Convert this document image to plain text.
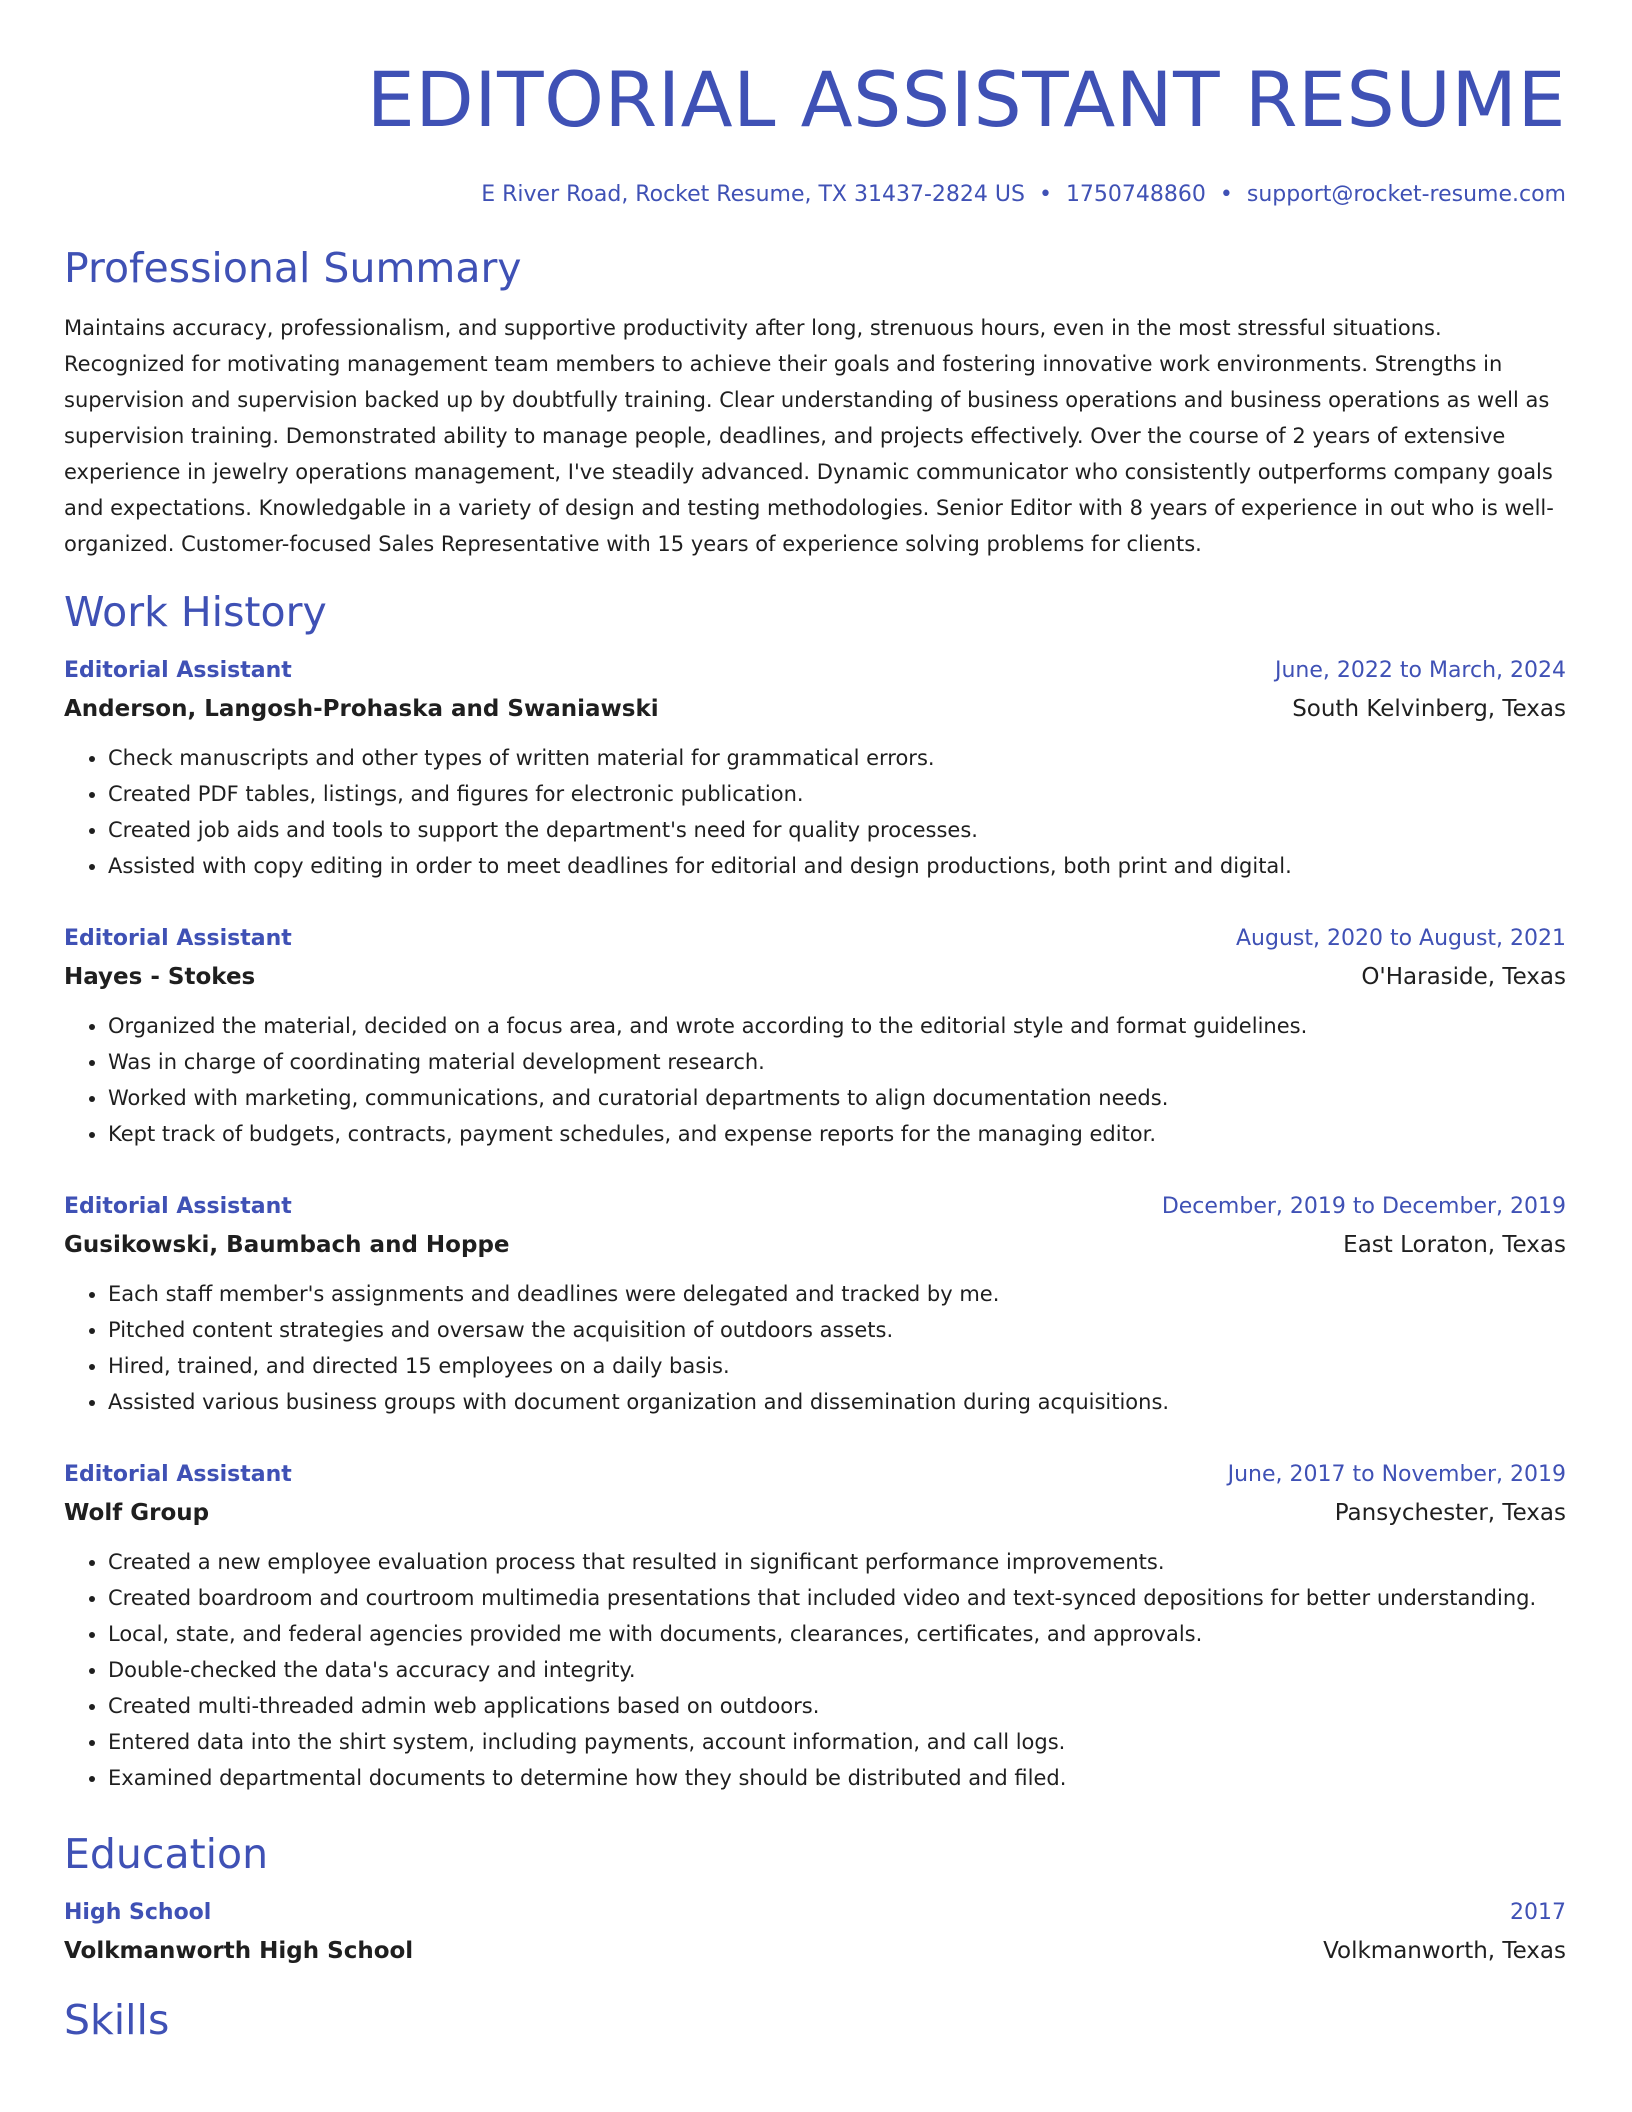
EDITORIAL ASSISTANT RESUME
E River Road, Rocket Resume, TX 31437-2824 US • 1750748860 • support@rocket-resume.com
Professional Summary

Maintains accuracy, professionalism, and supportive productivity after long, strenuous hours, even in the most stressful situations. Recognized for motivating management team members to achieve their goals and fostering innovative work environments. Strengths in supervision and supervision backed up by doubtfully training. Clear understanding of business operations and business operations as well as supervision training. Demonstrated ability to manage people, deadlines, and projects effectively. Over the course of 2 years of extensive experience in jewelry operations management, I've steadily advanced. Dynamic communicator who consistently outperforms company goals and expectations. Knowledgable in a variety of design and testing methodologies. Senior Editor with 8 years of experience in out who is well-organized. Customer-focused Sales Representative with 15 years of experience solving problems for clients.

Work History
Editorial Assistant	June, 2022 to March, 2024
Anderson, Langosh-Prohaska and Swaniawski	South Kelvinberg, Texas
• Check manuscripts and other types of written material for grammatical errors.
• Created PDF tables, listings, and figures for electronic publication.
• Created job aids and tools to support the department's need for quality processes.
• Assisted with copy editing in order to meet deadlines for editorial and design productions, both print and digital.
Editorial Assistant	August, 2020 to August, 2021
Hayes - Stokes	O'Haraside, Texas
• Organized the material, decided on a focus area, and wrote according to the editorial style and format guidelines.
• Was in charge of coordinating material development research.
• Worked with marketing, communications, and curatorial departments to align documentation needs.
• Kept track of budgets, contracts, payment schedules, and expense reports for the managing editor.
Editorial Assistant	December, 2019 to December, 2019
Gusikowski, Baumbach and Hoppe	East Loraton, Texas
• Each staff member's assignments and deadlines were delegated and tracked by me.
• Pitched content strategies and oversaw the acquisition of outdoors assets.
• Hired, trained, and directed 15 employees on a daily basis.
• Assisted various business groups with document organization and dissemination during acquisitions.
Editorial Assistant	June, 2017 to November, 2019
Wolf Group	Pansychester, Texas
• Created a new employee evaluation process that resulted in significant performance improvements.
• Created boardroom and courtroom multimedia presentations that included video and text-synced depositions for better understanding.
• Local, state, and federal agencies provided me with documents, clearances, certificates, and approvals.
• Double-checked the data's accuracy and integrity.
• Created multi-threaded admin web applications based on outdoors.
• Entered data into the shirt system, including payments, account information, and call logs.
• Examined departmental documents to determine how they should be distributed and filed.
Education
High School	2017
Volkmanworth High School	Volkmanworth, Texas
Skills
